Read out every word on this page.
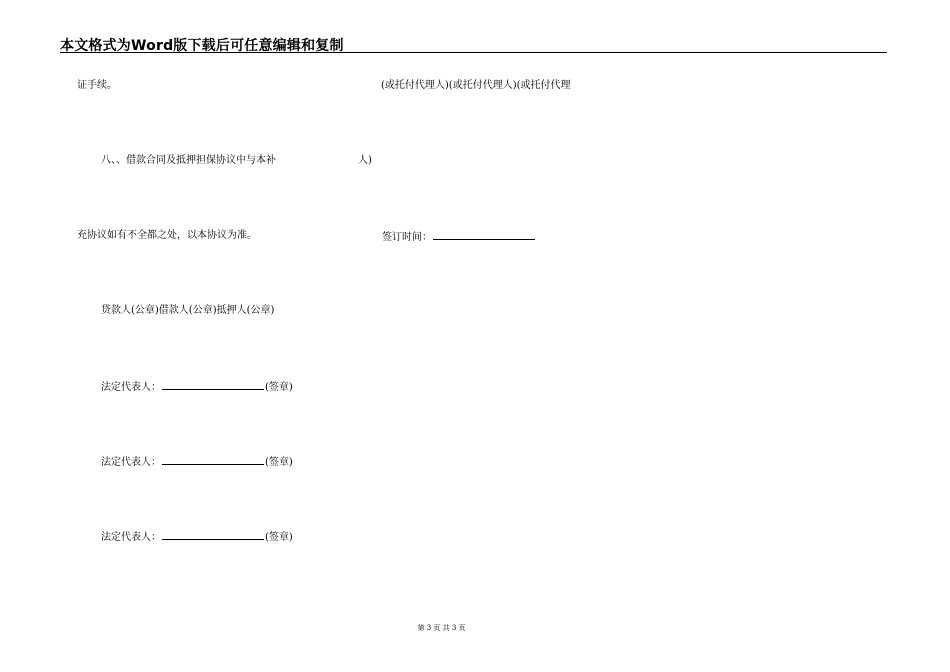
本文格式为Word版下载后可任意编辑和复制
证手续。	(或托付代理人)(或托付代理人)(或托付代理
八、、借款合同及抵押担保协议中与本补	人)
充协议如有不全都之处，以本协议为准。	签订时间：
贷款人(公章)借款人(公章)抵押人(公章)
法定代表人：	(签章)
法定代表人：	(签章)
法定代表人：	(签章)
第 3 页 共 3 页
